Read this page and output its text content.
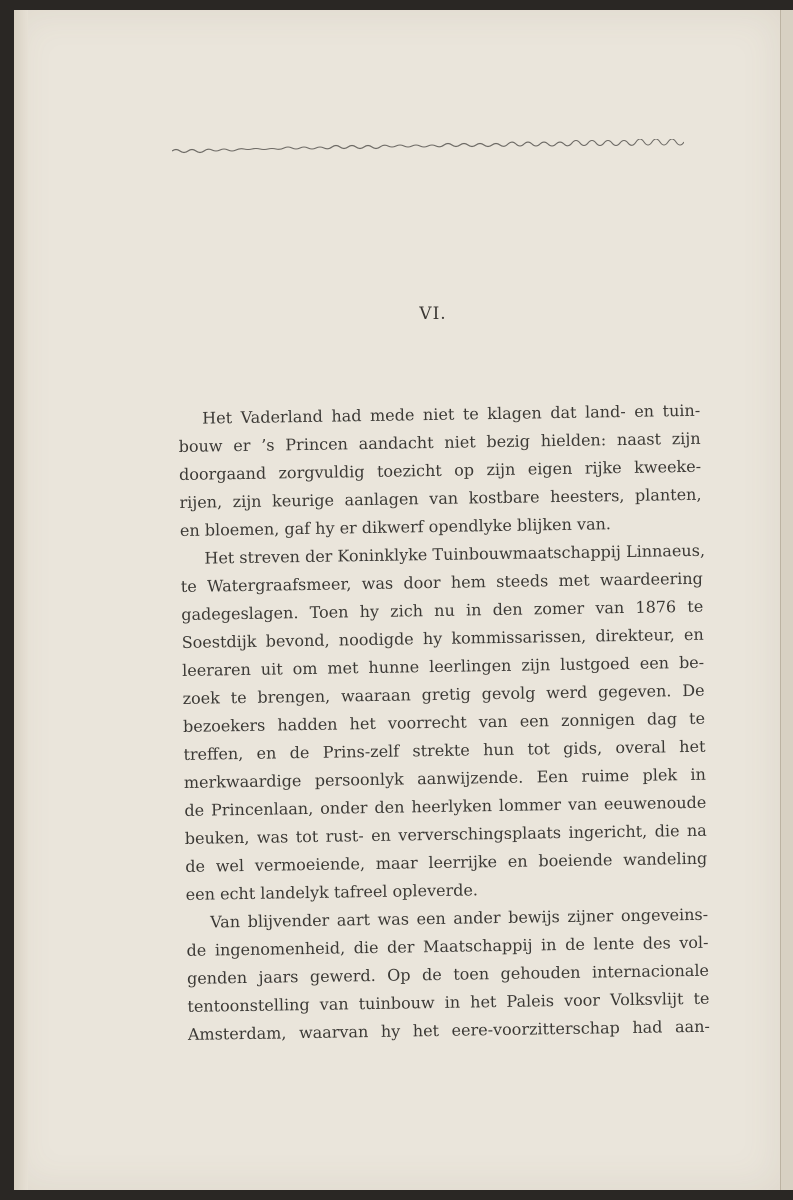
VI.
Het Vaderland had mede niet te klagen dat land- en tuin-
bouw er ’s Princen aandacht niet bezig hielden: naast zijn
doorgaand zorgvuldig toezicht op zijn eigen rijke kweeke-
rijen, zijn keurige aanlagen van kostbare heesters, planten,
en bloemen, gaf hy er dikwerf opendlyke blijken van.
Het streven der Koninklyke Tuinbouwmaatschappij Linnaeus,
te Watergraafsmeer, was door hem steeds met waardeering
gadegeslagen. Toen hy zich nu in den zomer van 1876 te
Soestdijk bevond, noodigde hy kommissarissen, direkteur, en
leeraren uit om met hunne leerlingen zijn lustgoed een be-
zoek te brengen, waaraan gretig gevolg werd gegeven. De
bezoekers hadden het voorrecht van een zonnigen dag te
treffen, en de Prins-zelf strekte hun tot gids, overal het
merkwaardige persoonlyk aanwijzende. Een ruime plek in
de Princenlaan, onder den heerlyken lommer van eeuwenoude
beuken, was tot rust- en ververschingsplaats ingericht, die na
de wel vermoeiende, maar leerrijke en boeiende wandeling
een echt landelyk tafreel opleverde.
Van blijvender aart was een ander bewijs zijner ongeveins-
de ingenomenheid, die der Maatschappij in de lente des vol-
genden jaars gewerd. Op de toen gehouden internacionale
tentoonstelling van tuinbouw in het Paleis voor Volksvlijt te
Amsterdam, waarvan hy het eere-voorzitterschap had aan-
